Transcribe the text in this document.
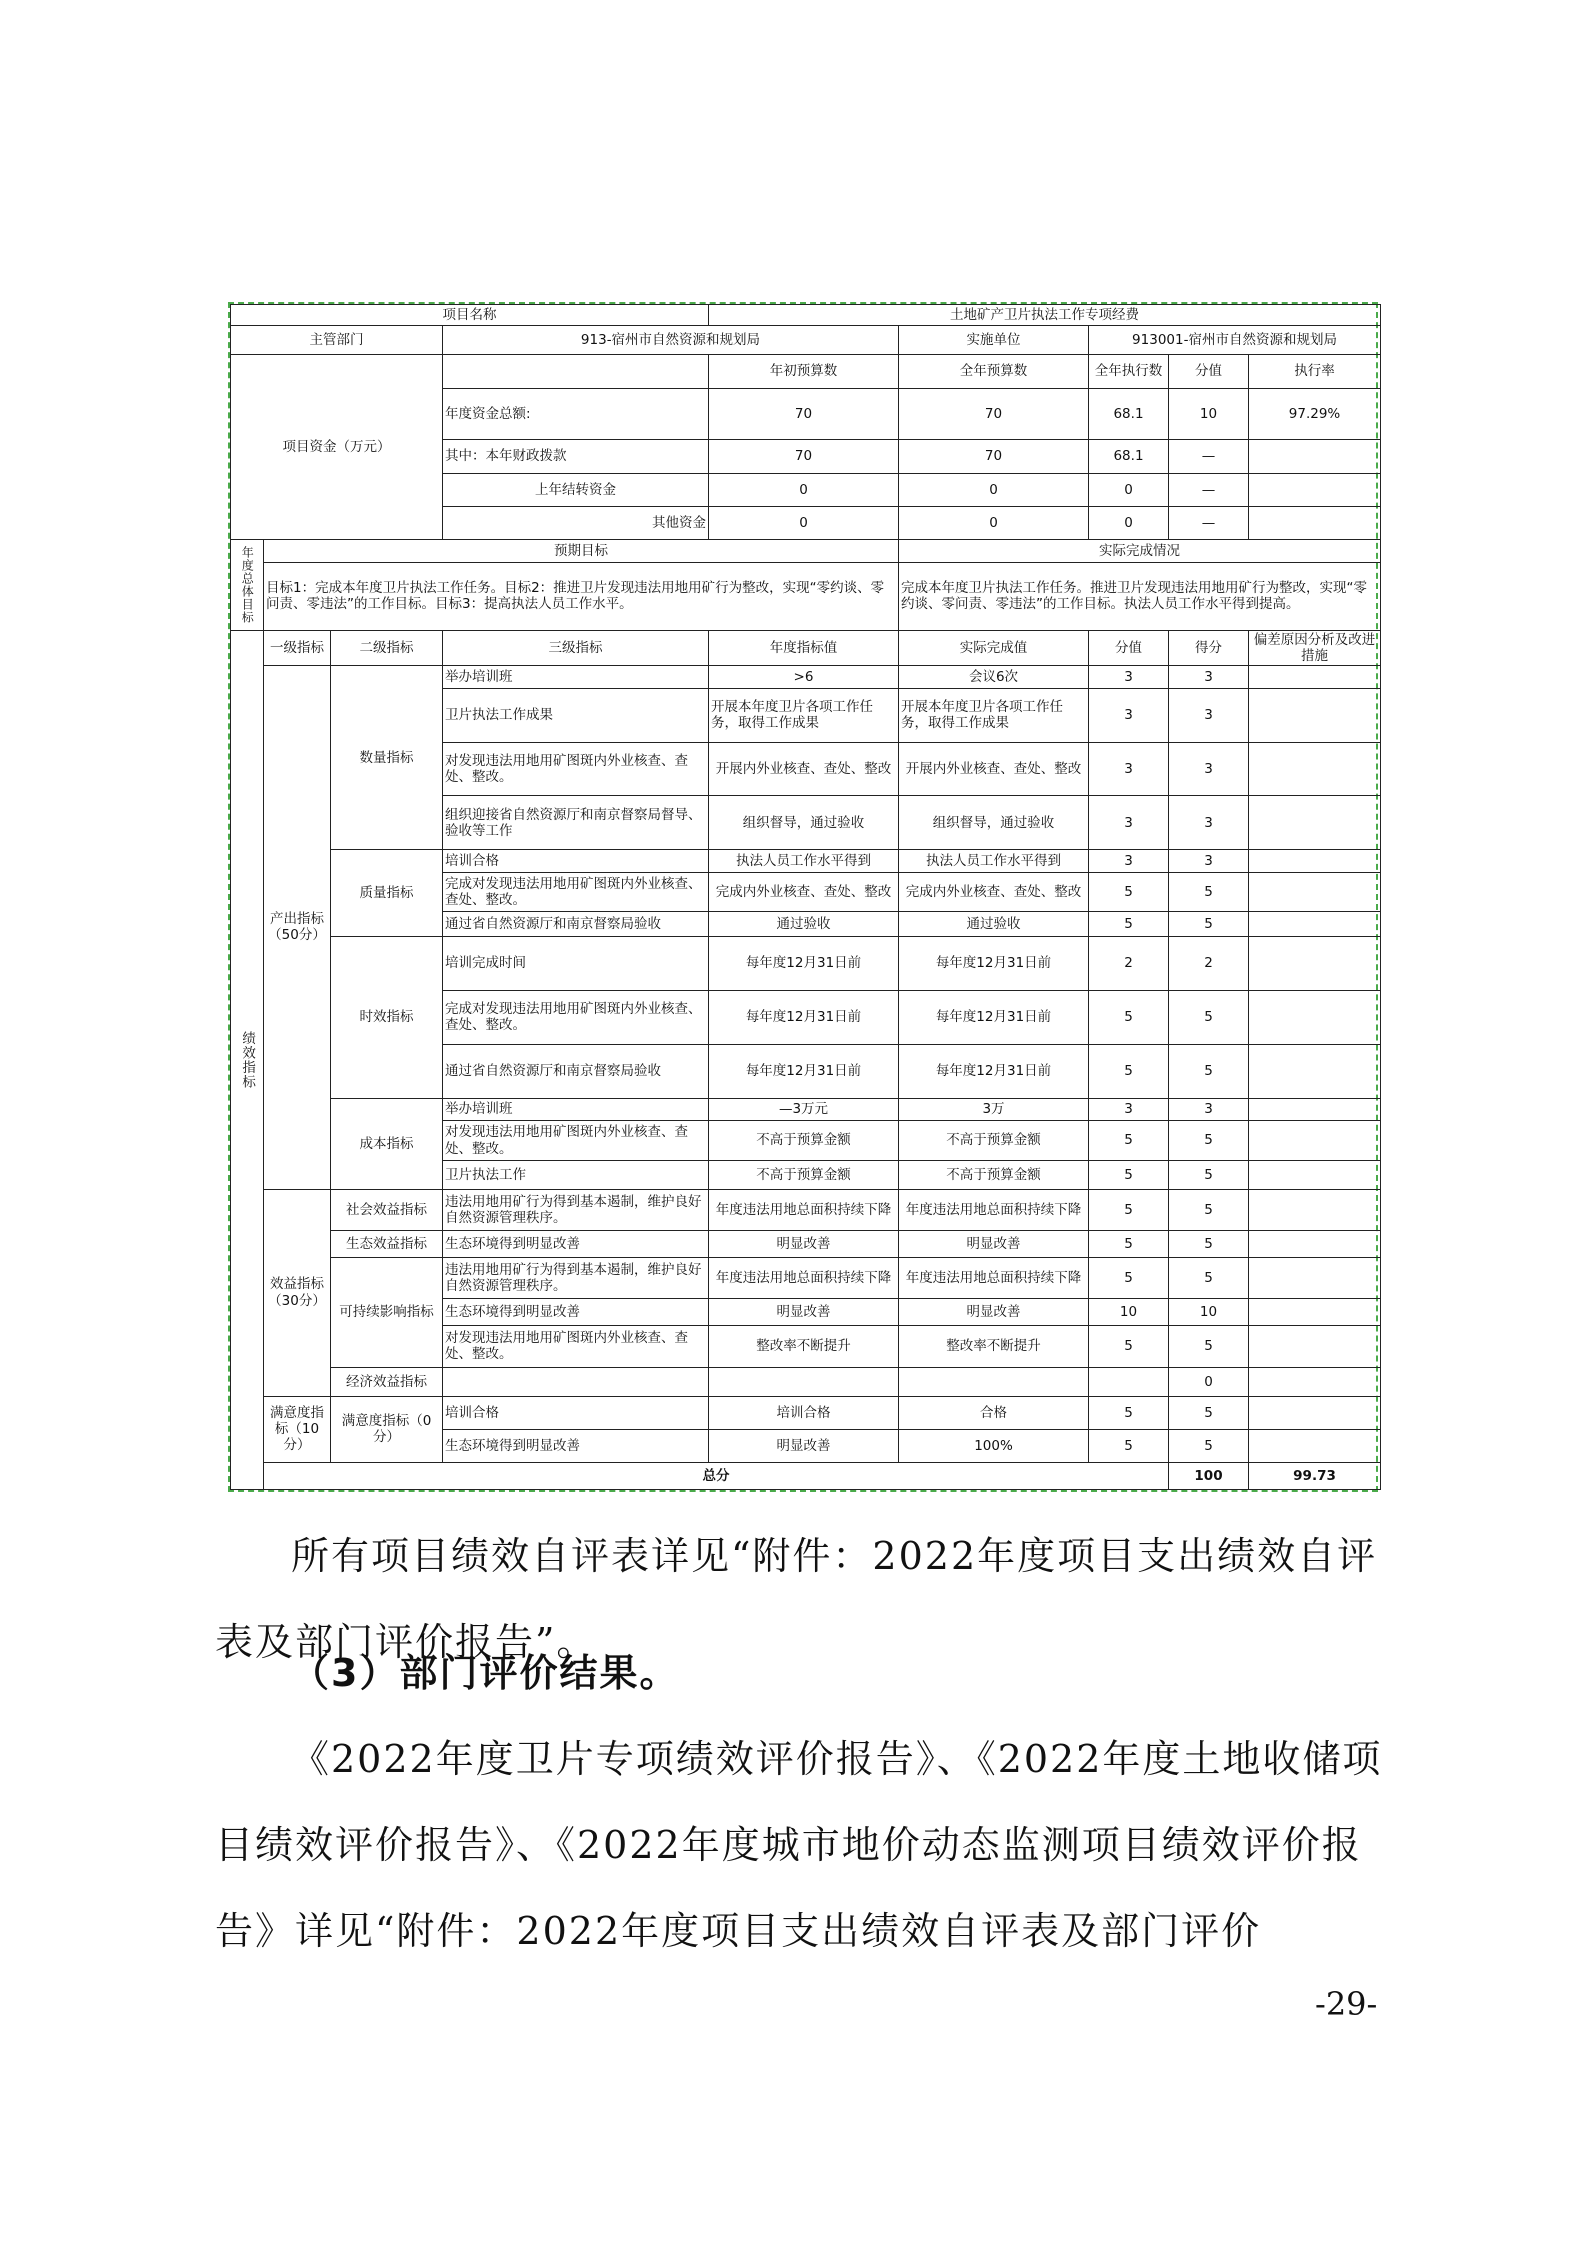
项目名称				土地矿产卫片执法工作专项经费					
主管部门			913-宿州市自然资源和规划局		实施单位	913001-宿州市自然资源和规划局			
项目资金（万元）				年初预算数	全年预算数	全年执行数	分值	执行率	
			年度资金总额:	70	70	68.1	10	97.29%	
			其中：本年财政拨款	70	70	68.1	—		
			上年结转资金	0	0	0	—		
			其他资金	0	0	0	—		

年度总体目标	预期目标				实际完成情况				
	目标1：完成本年度卫片执法工作任务。目标2：推进卫片发现违法用地用矿行为整改，实现“零约谈、零问责、零违法”的工作目标。目标3：提高执法人员工作水平。				完成本年度卫片执法工作任务。推进卫片发现违法用地用矿行为整改，实现“零约谈、零问责、零违法”的工作目标。执法人员工作水平得到提高。				

绩效指标	一级指标	二级指标	三级指标	年度指标值	实际完成值	分值	得分	偏差原因分析及改进措施	
	产出指标（50分）	数量指标	举办培训班	>6	会议6次	3	3		
			卫片执法工作成果	开展本年度卫片各项工作任务，取得工作成果	开展本年度卫片各项工作任务，取得工作成果	3	3		
			对发现违法用地用矿图斑内外业核查、查处、整改。	开展内外业核查、查处、整改	开展内外业核查、查处、整改	3	3		
			组织迎接省自然资源厅和南京督察局督导、验收等工作	组织督导，通过验收	组织督导，通过验收	3	3		
		质量指标	培训合格	执法人员工作水平得到	执法人员工作水平得到	3	3		
			完成对发现违法用地用矿图斑内外业核查、查处、整改。	完成内外业核查、查处、整改	完成内外业核查、查处、整改	5	5		
			通过省自然资源厅和南京督察局验收	通过验收	通过验收	5	5		
		时效指标	培训完成时间	每年度12月31日前	每年度12月31日前	2	2		
			完成对发现违法用地用矿图斑内外业核查、查处、整改。	每年度12月31日前	每年度12月31日前	5	5		
			通过省自然资源厅和南京督察局验收	每年度12月31日前	每年度12月31日前	5	5		
		成本指标	举办培训班	—3万元	3万	3	3		
			对发现违法用地用矿图斑内外业核查、查处、整改。	不高于预算金额	不高于预算金额	5	5		
			卫片执法工作	不高于预算金额	不高于预算金额	5	5		
	效益指标（30分）	社会效益指标	违法用地用矿行为得到基本遏制，维护良好自然资源管理秩序。	年度违法用地总面积持续下降	年度违法用地总面积持续下降	5	5		
		生态效益指标	生态环境得到明显改善	明显改善	明显改善	5	5		
		可持续影响指标	违法用地用矿行为得到基本遏制，维护良好自然资源管理秩序。	年度违法用地总面积持续下降	年度违法用地总面积持续下降	5	5		
			生态环境得到明显改善	明显改善	明显改善	10	10		
			对发现违法用地用矿图斑内外业核查、查处、整改。	整改率不断提升	整改率不断提升	5	5		
		经济效益指标					0		
	满意度指标（10分）	满意度指标（0分）	培训合格	培训合格	合格	5	5		
			生态环境得到明显改善	明显改善	100%	5	5		
	总分						100	99.73	
所有项目绩效自评表详见“附件：2022年度项目支出绩效自评表及部门评价报告”。
（3）部门评价结果。
《2022年度卫片专项绩效评价报告》、《2022年度土地收储项目绩效评价报告》、《2022年度城市地价动态监测项目绩效评价报告》详见“附件：2022年度项目支出绩效自评表及部门评价
-29-
